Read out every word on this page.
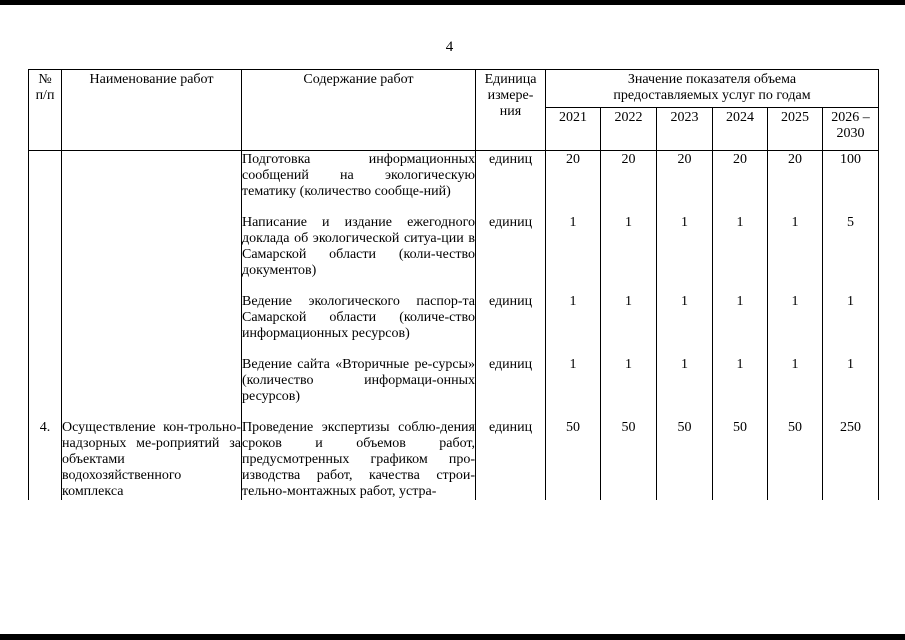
4
№ п/п	Наименование работ	Содержание работ	Единица измере-ния	Значение показателя объема предоставляемых услуг по годам					

				2021	2022	2023	2024	2025	2026 – 2030
		Подготовка информационных сообщений на экологическую тематику (количество сообще-ний)	единиц	20	20	20	20	20	100

		Написание и издание ежегодного доклада об экологической ситуа-ции в Самарской области (коли-чество документов)	единиц	1	1	1	1	1	5

		Ведение экологического паспор-та Самарской области (количе-ство информационных ресурсов)	единиц	1	1	1	1	1	1

		Ведение сайта «Вторичные ре-сурсы» (количество информаци-онных ресурсов)	единиц	1	1	1	1	1	1

4.	Осуществление кон-трольно-надзорных ме-роприятий за объектами водохозяйственного комплекса	Проведение экспертизы соблю-дения сроков и объемов работ, предусмотренных графиком про-изводства работ, качества строи-тельно-монтажных работ, устра-	единиц	50	50	50	50	50	250
